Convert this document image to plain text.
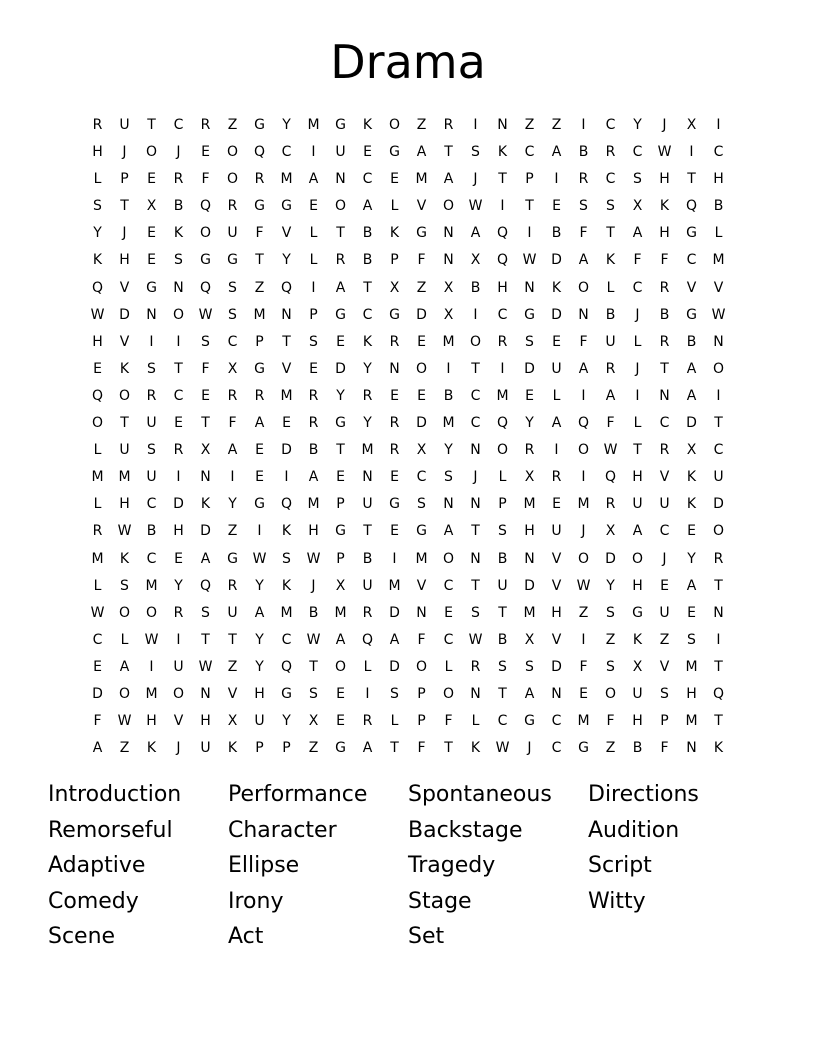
Drama
R	U	T	C	R	Z	G	Y	M	G	K	O	Z	R	I	N	Z	Z	I	C	Y	J	X	I
H	J	O	J	E	O	Q	C	I	U	E	G	A	T	S	K	C	A	B	R	C	W	I	C
L	P	E	R	F	O	R	M	A	N	C	E	M	A	J	T	P	I	R	C	S	H	T	H
S	T	X	B	Q	R	G	G	E	O	A	L	V	O	W	I	T	E	S	S	X	K	Q	B
Y	J	E	K	O	U	F	V	L	T	B	K	G	N	A	Q	I	B	F	T	A	H	G	L
K	H	E	S	G	G	T	Y	L	R	B	P	F	N	X	Q	W	D	A	K	F	F	C	M
Q	V	G	N	Q	S	Z	Q	I	A	T	X	Z	X	B	H	N	K	O	L	C	R	V	V
W	D	N	O	W	S	M	N	P	G	C	G	D	X	I	C	G	D	N	B	J	B	G	W
H	V	I	I	S	C	P	T	S	E	K	R	E	M	O	R	S	E	F	U	L	R	B	N
E	K	S	T	F	X	G	V	E	D	Y	N	O	I	T	I	D	U	A	R	J	T	A	O
Q	O	R	C	E	R	R	M	R	Y	R	E	E	B	C	M	E	L	I	A	I	N	A	I
O	T	U	E	T	F	A	E	R	G	Y	R	D	M	C	Q	Y	A	Q	F	L	C	D	T
L	U	S	R	X	A	E	D	B	T	M	R	X	Y	N	O	R	I	O	W	T	R	X	C
M	M	U	I	N	I	E	I	A	E	N	E	C	S	J	L	X	R	I	Q	H	V	K	U
L	H	C	D	K	Y	G	Q	M	P	U	G	S	N	N	P	M	E	M	R	U	U	K	D
R	W	B	H	D	Z	I	K	H	G	T	E	G	A	T	S	H	U	J	X	A	C	E	O
M	K	C	E	A	G	W	S	W	P	B	I	M	O	N	B	N	V	O	D	O	J	Y	R
L	S	M	Y	Q	R	Y	K	J	X	U	M	V	C	T	U	D	V	W	Y	H	E	A	T
W	O	O	R	S	U	A	M	B	M	R	D	N	E	S	T	M	H	Z	S	G	U	E	N
C	L	W	I	T	T	Y	C	W	A	Q	A	F	C	W	B	X	V	I	Z	K	Z	S	I
E	A	I	U	W	Z	Y	Q	T	O	L	D	O	L	R	S	S	D	F	S	X	V	M	T
D	O	M	O	N	V	H	G	S	E	I	S	P	O	N	T	A	N	E	O	U	S	H	Q
F	W	H	V	H	X	U	Y	X	E	R	L	P	F	L	C	G	C	M	F	H	P	M	T
A	Z	K	J	U	K	P	P	Z	G	A	T	F	T	K	W	J	C	G	Z	B	F	N	K
Introduction	Performance	Spontaneous	Directions
Remorseful	Character	Backstage	Audition
Adaptive	Ellipse	Tragedy	Script
Comedy	Irony	Stage	Witty
Scene	Act	Set
